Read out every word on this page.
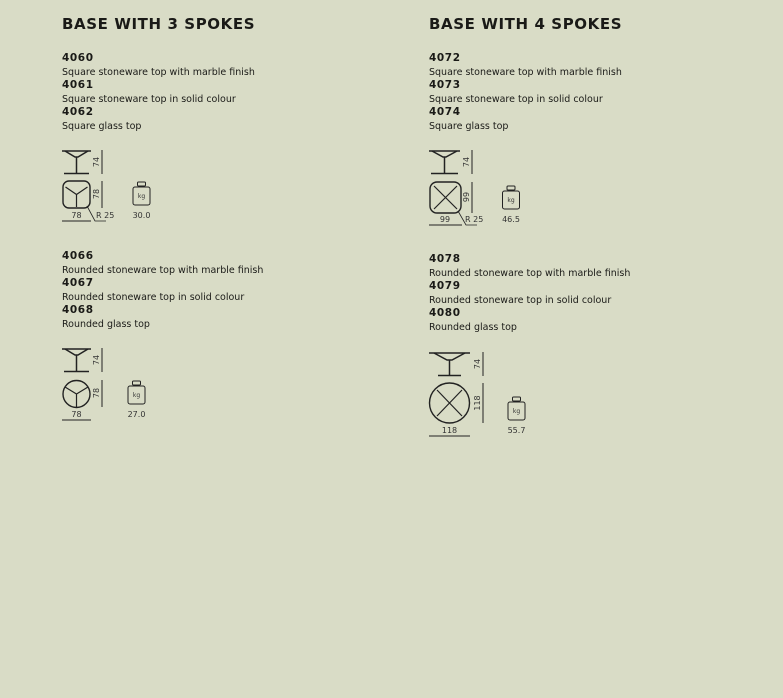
BASE WITH 3 SPOKES
4060
Square stoneware top with marble finish
4061
Square stoneware top in solid colour
4062
Square glass top
74
78
78 R 25
kg
30.0
4066
Rounded stoneware top with marble finish
4067
Rounded stoneware top in solid colour
4068
Rounded glass top
74
78
78
kg
27.0
BASE WITH 4 SPOKES
4072
Square stoneware top with marble finish
4073
Square stoneware top in solid colour
4074
Square glass top
74
99
99 R 25
kg
46.5
4078
Rounded stoneware top with marble finish
4079
Rounded stoneware top in solid colour
4080
Rounded glass top
74
118
118
kg
55.7
